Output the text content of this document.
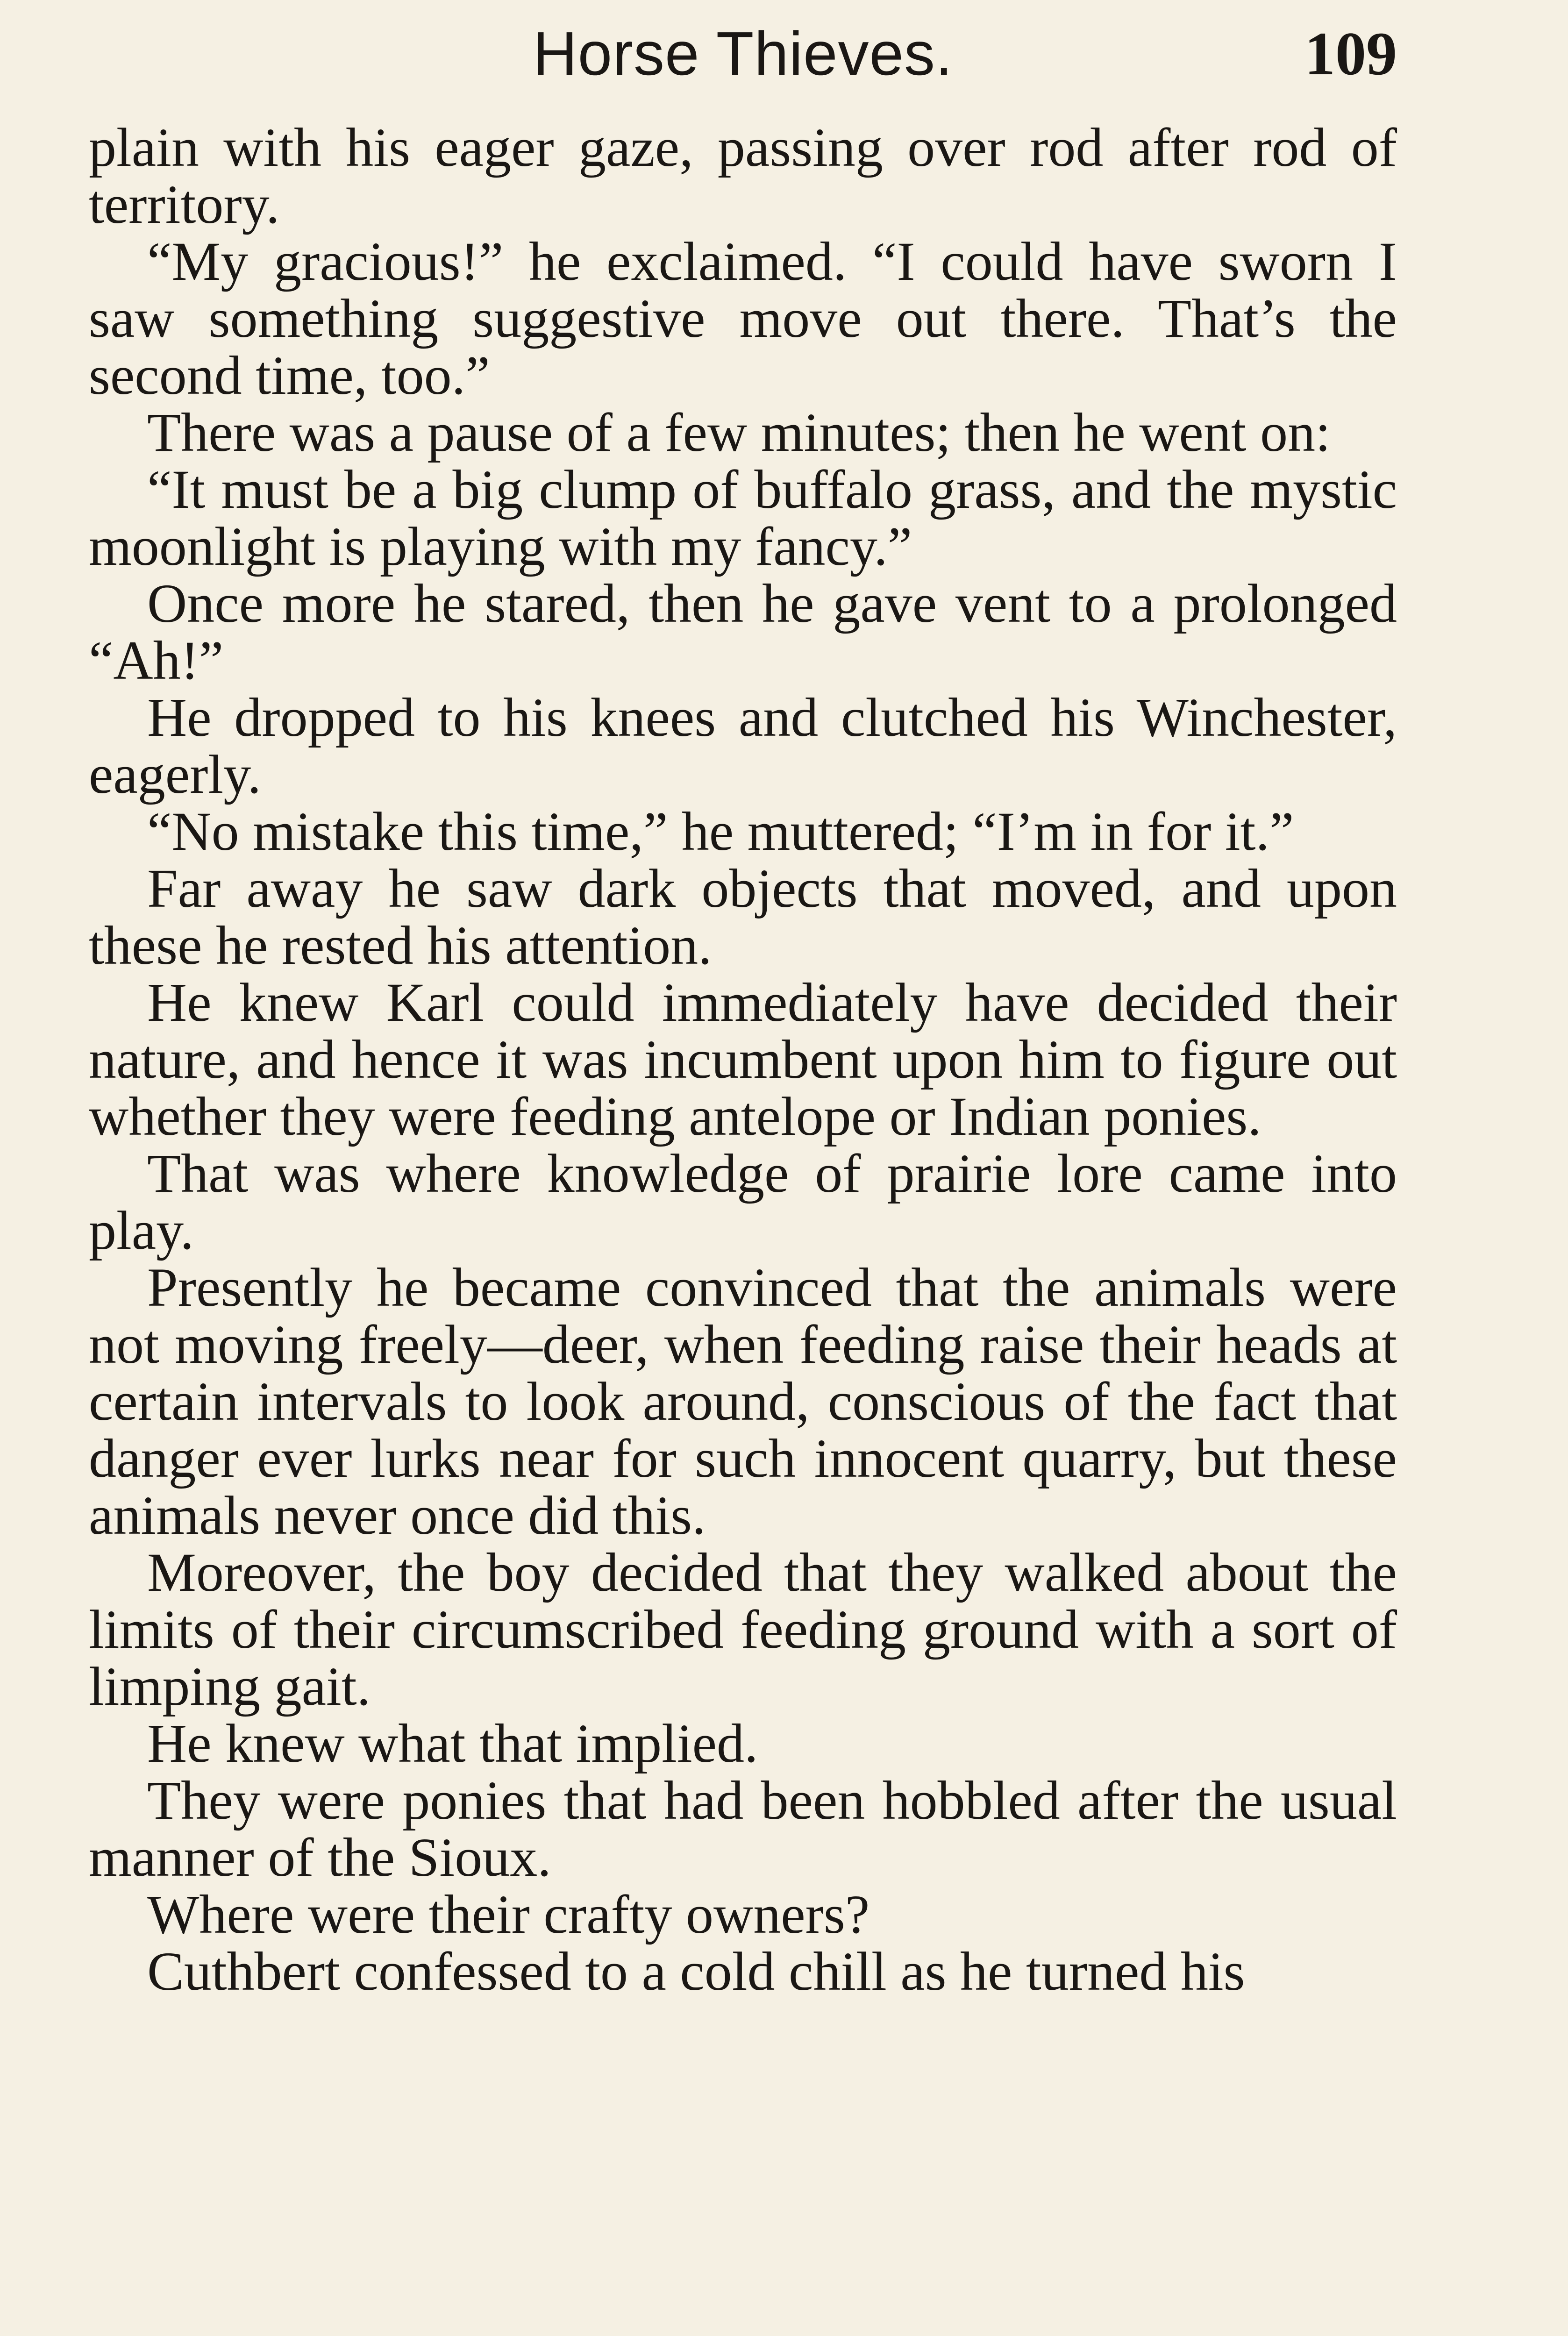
Horse Thieves.	109

plain with his eager gaze, passing over rod after rod of territory.

“My gracious!” he exclaimed. “I could have sworn I saw something suggestive move out there. That’s the second time, too.”

There was a pause of a few minutes; then he went on:

“It must be a big clump of buffalo grass, and the mystic moonlight is playing with my fancy.”

Once more he stared, then he gave vent to a prolonged “Ah!”

He dropped to his knees and clutched his Winchester, eagerly.

“No mistake this time,” he muttered; “I’m in for it.”

Far away he saw dark objects that moved, and upon these he rested his attention.

He knew Karl could immediately have decided their nature, and hence it was incumbent upon him to figure out whether they were feeding antelope or Indian ponies.

That was where knowledge of prairie lore came into play.

Presently he became convinced that the animals were not moving freely—deer, when feeding raise their heads at certain intervals to look around, conscious of the fact that danger ever lurks near for such innocent quarry, but these animals never once did this.

Moreover, the boy decided that they walked about the limits of their circumscribed feeding ground with a sort of limping gait.

He knew what that implied.

They were ponies that had been hobbled after the usual manner of the Sioux.

Where were their crafty owners?

Cuthbert confessed to a cold chill as he turned his
